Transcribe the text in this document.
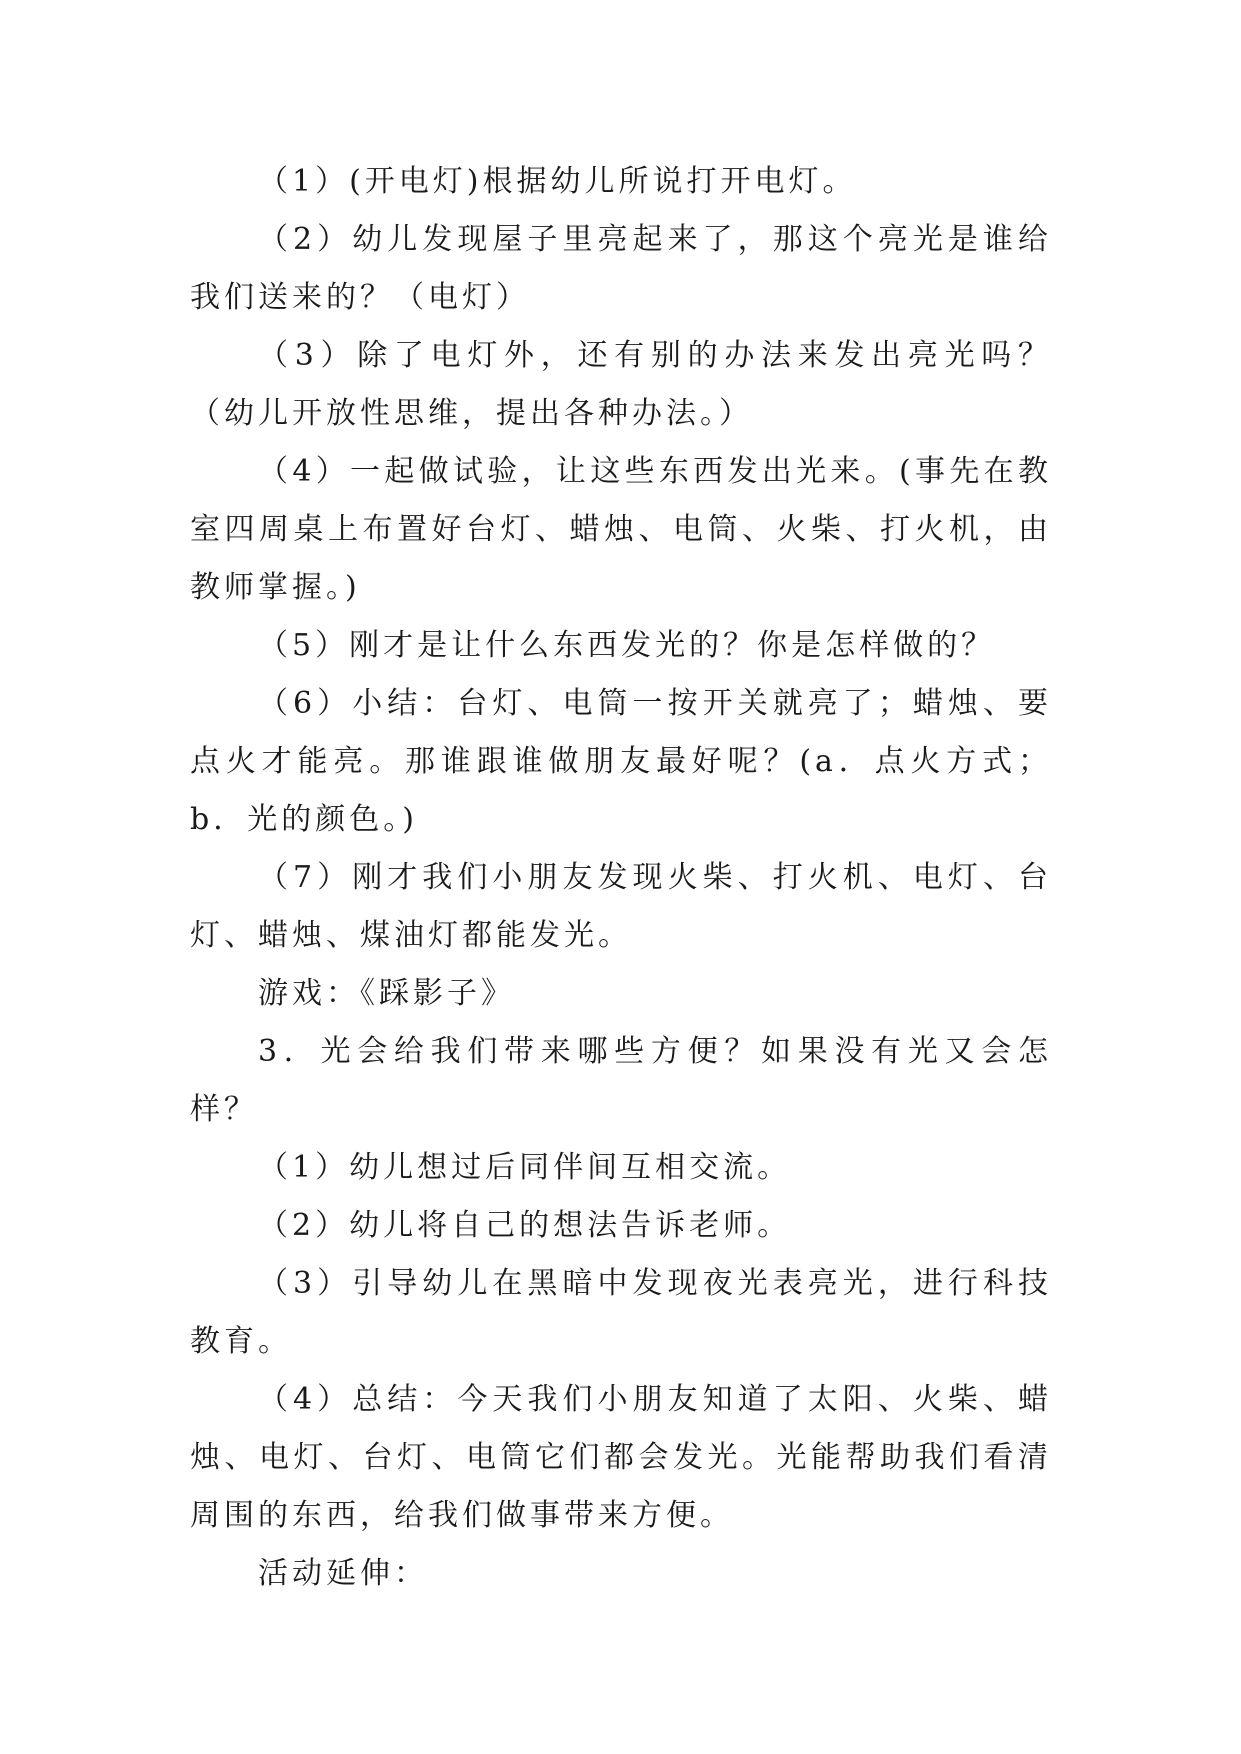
（1）(开电灯)根据幼儿所说打开电灯。

（2）幼儿发现屋子里亮起来了，那这个亮光是谁给我们送来的？（电灯）

（3）除了电灯外，还有别的办法来发出亮光吗？（幼儿开放性思维，提出各种办法。）

（4）一起做试验，让这些东西发出光来。(事先在教室四周桌上布置好台灯、蜡烛、电筒、火柴、打火机，由教师掌握。)

（5）刚才是让什么东西发光的？你是怎样做的？

（6）小结：台灯、电筒一按开关就亮了；蜡烛、要点火才能亮。那谁跟谁做朋友最好呢？(a．点火方式；b．光的颜色。)

（7）刚才我们小朋友发现火柴、打火机、电灯、台灯、蜡烛、煤油灯都能发光。

游戏：《踩影子》

3．光会给我们带来哪些方便？如果没有光又会怎样？

（1）幼儿想过后同伴间互相交流。

（2）幼儿将自己的想法告诉老师。

（3）引导幼儿在黑暗中发现夜光表亮光，进行科技教育。

（4）总结：今天我们小朋友知道了太阳、火柴、蜡烛、电灯、台灯、电筒它们都会发光。光能帮助我们看清周围的东西，给我们做事带来方便。

活动延伸：
